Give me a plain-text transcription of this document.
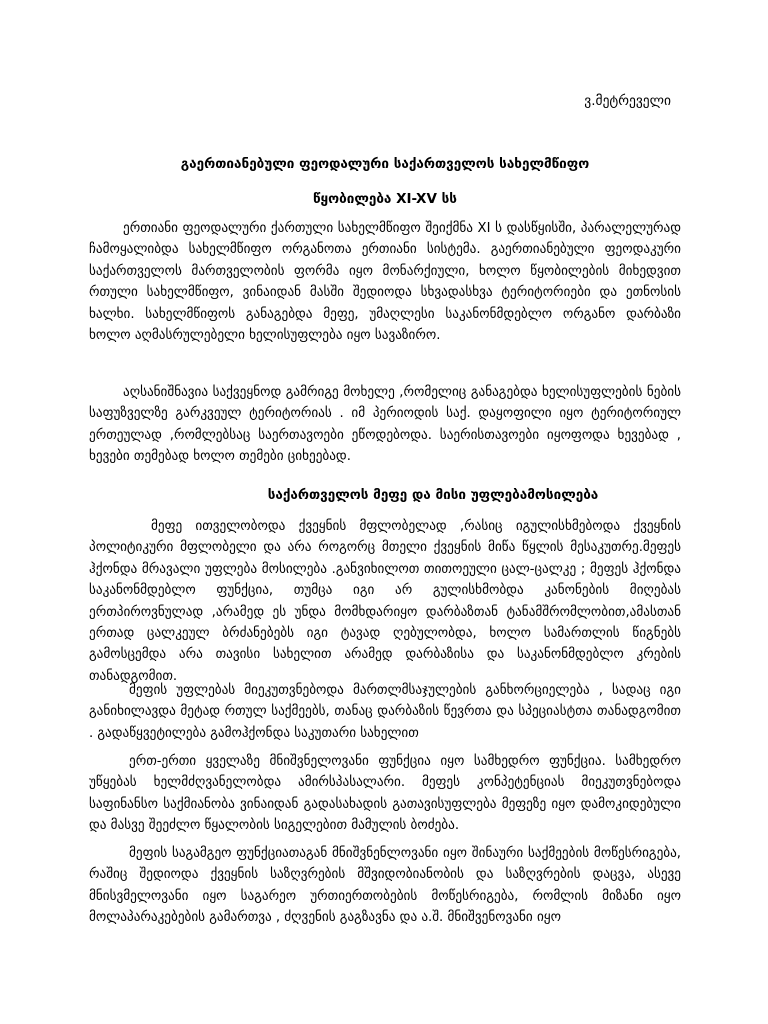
ვ.მეტრეველი
გაერთიანებული ფეოდალური საქართველოს სახელმწიფო
წყობილება XI-XV სს

ერთიანი ფეოდალური ქართული სახელმწიფო შეიქმნა XI ს დასწყისში, პარალელურად ჩამოყალიბდა სახელმწიფო ორგანოთა ერთიანი სისტემა. გაერთიანებული ფეოდაკური საქართველოს მართველობის ფორმა იყო მონარქიული, ხოლო წყობილების მიხედვით რთული სახელმწიფო, ვინაიდან მასში შედიოდა სხვადასხვა ტერიტორიები და ეთნოსის ხალხი. სახელმწიფოს განაგებდა მეფე, უმაღლესი საკანონმდებლო ორგანო დარბაზი ხოლო აღმასრულებელი ხელისუფლება იყო სავაზირო.

აღსანიშნავია საქვეყნოდ გამრიგე მოხელე ,რომელიც განაგებდა ხელისუფლების ნების საფუზველზე გარკვეულ ტერიტორიას . იმ პერიოდის საქ. დაყოფილი იყო ტერიტორიულ ერთეულად ,რომლებსაც საერთავოები ეწოდებოდა. საერისთავოები იყოფოდა ხევებად , ხევები თემებად ხოლო თემები ციხეებად.

საქართველოს მეფე და მისი უფლებამოსილება

მეფე ითველობოდა ქვეყნის მფლობელად ,რასიც იგულისხმებოდა ქვეყნის პოლიტიკური მფლობელი და არა როგორც მთელი ქვეყნის მიწა წყლის მესაკუთრე.მეფეს ჰქონდა მრავალი უფლება მოსილება .განვიხილოთ თითოეული ცალ-ცალკე ; მეფეს ჰქონდა საკანონმდებლო ფუნქცია, თუმცა იგი არ გულისხმობდა კანონების მიღებას ერთპიროვნულად ,არამედ ეს უნდა მომხდარიყო დარბაზთან ტანამშრომლობით,ამასთან ერთად ცალკეულ ბრძანებებს იგი ტავად ღებულობდა, ხოლო სამართლის წიგნებს გამოსცემდა არა თავისი სახელით არამედ დარბაზისა და საკანონმდებლო კრების თანადგომით.

მეფის უფლებას მიეკუთვნებოდა მართლმსაჯულების განხორციელება , სადაც იგი განიხილავდა მეტად რთულ საქმეებს, თანაც დარბაზის წევრთა და სპეციასტთა თანადგომით . გადაწყვეტილება გამოჰქონდა საკუთარი სახელით

ერთ-ერთი ყველაზე მნიშვნელოვანი ფუნქცია იყო სამხედრო ფუნქცია. სამხედრო უწყებას ხელმძღვანელობდა ამირსპასალარი. მეფეს კონპეტენციას მიეკუთვნებოდა საფინანსო საქმიანობა ვინაიდან გადასახადის გათავისუფლება მეფეზე იყო დამოკიდებული და მასვე შეეძლო წყალობის სიგელებით მამულის ბოძება.

მეფის საგამგეო ფუნქციათაგან მნიშვნენლოვანი იყო შინაური საქმეების მოწესრიგება, რაშიც შედიოდა ქვეყნის საზღვრების მშვიდობიანობის და საზღვრების დაცვა, ასევე მნისვმელოვანი იყო საგარეო ურთიერთობების მოწესრიგება, რომლის მიზანი იყო მოლაპარაკებების გამართვა , ძღვენის გაგზავნა და ა.შ. მნიშვენოვანი იყო
